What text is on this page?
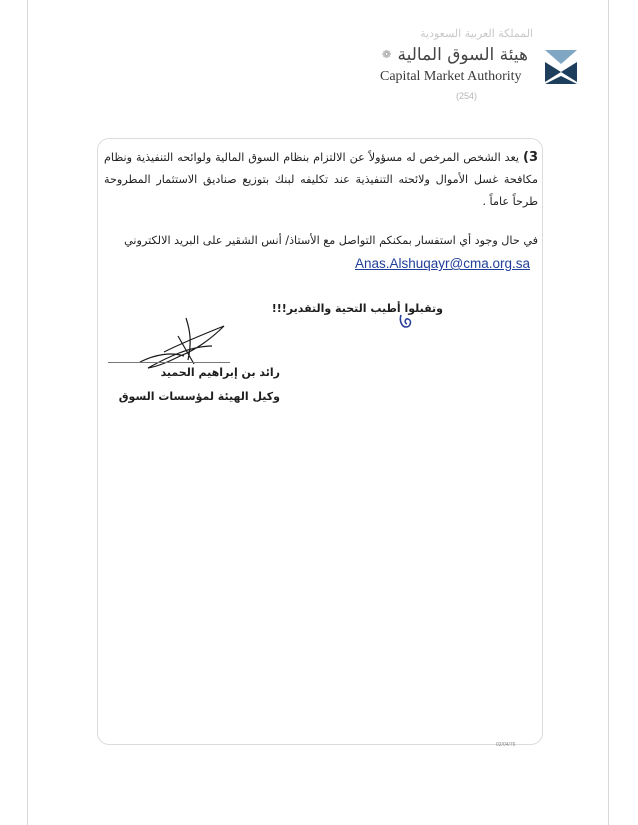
المملكة العربية السعودية
هيئة السوق المالية
❁
Capital Market Authority
(254)
3) يعد الشخص المرخص له مسؤولاً عن الالتزام بنظام السوق المالية ولوائحه التنفيذية ونظام مكافحة غسل الأموال ولائحته التنفيذية عند تكليفه لبنك بتوزيع صناديق الاستثمار المطروحة طرحاً عاماً .
في حال وجود أي استفسار بمكنكم التواصل مع الأستاذ/ أنس الشقير على البريد الالكتروني
Anas.Alshuqayr@cma.org.sa
وتقبلوا أطيب التحية والتقدير!!!
رائد بن إبراهيم الحميد
وكيل الهيئة لمؤسسات السوق
02/04/76
